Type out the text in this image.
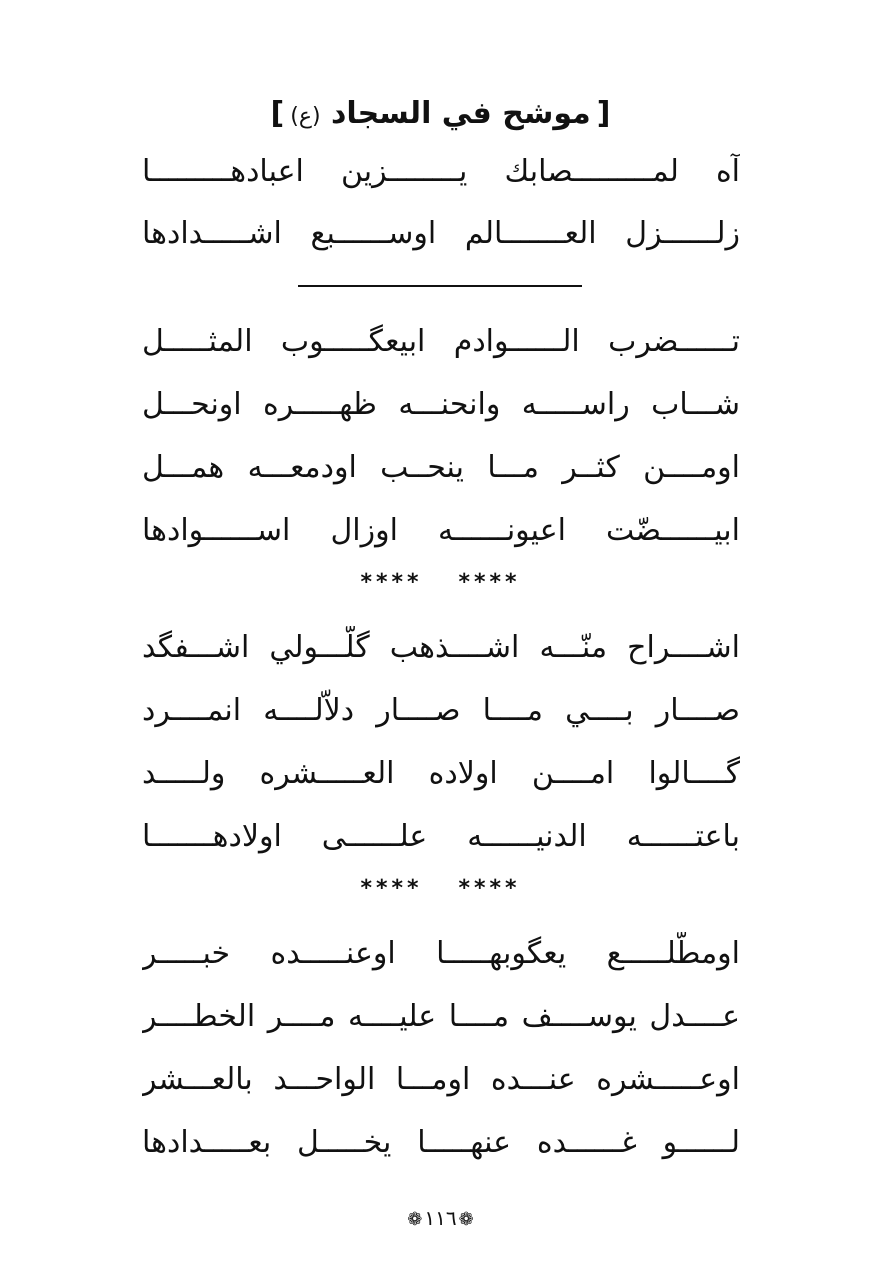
[موشح في السجاد (ع)]
آه لمـــــــــصابك يــــــــزين اعبادهـــــــــا
زلــــــزل العـــــــالم اوســــــبع اشـــــدادها
تــــــضرب الــــــوادم ابيعگـــــوب المثـــــل
شـــاب راســـــه وانحنـــه ظهـــــره اونحـــل
اومــــن كثــر مـــا ينحــب اودمعـــه همـــل
ابيــــــضّت اعيونــــــه اوزال اســــــوادها
**** ****
اشــــراح منّـــه اشــــذهب گلّـــولي اشـــفگد
صــــار بــــي مــــا صــــار دلاّلــــه انمــــرد
گــــالوا امــــن اولاده العـــــشره ولـــــد
باعتــــــه الدنيــــــه علــــــى اولادهـــــــا
**** ****
اومطّلـــــع يعگوبهـــــا اوعنـــــده خبـــــر
عــــدل يوســــف مــــا عليــــه مــــر الخطــــر
اوعـــــشره عنـــده اومـــا الواحـــد بالعـــشر
لــــــو غــــــده عنهـــــا يخـــــل بعـــــدادها
❁ ١١٦ ❁
